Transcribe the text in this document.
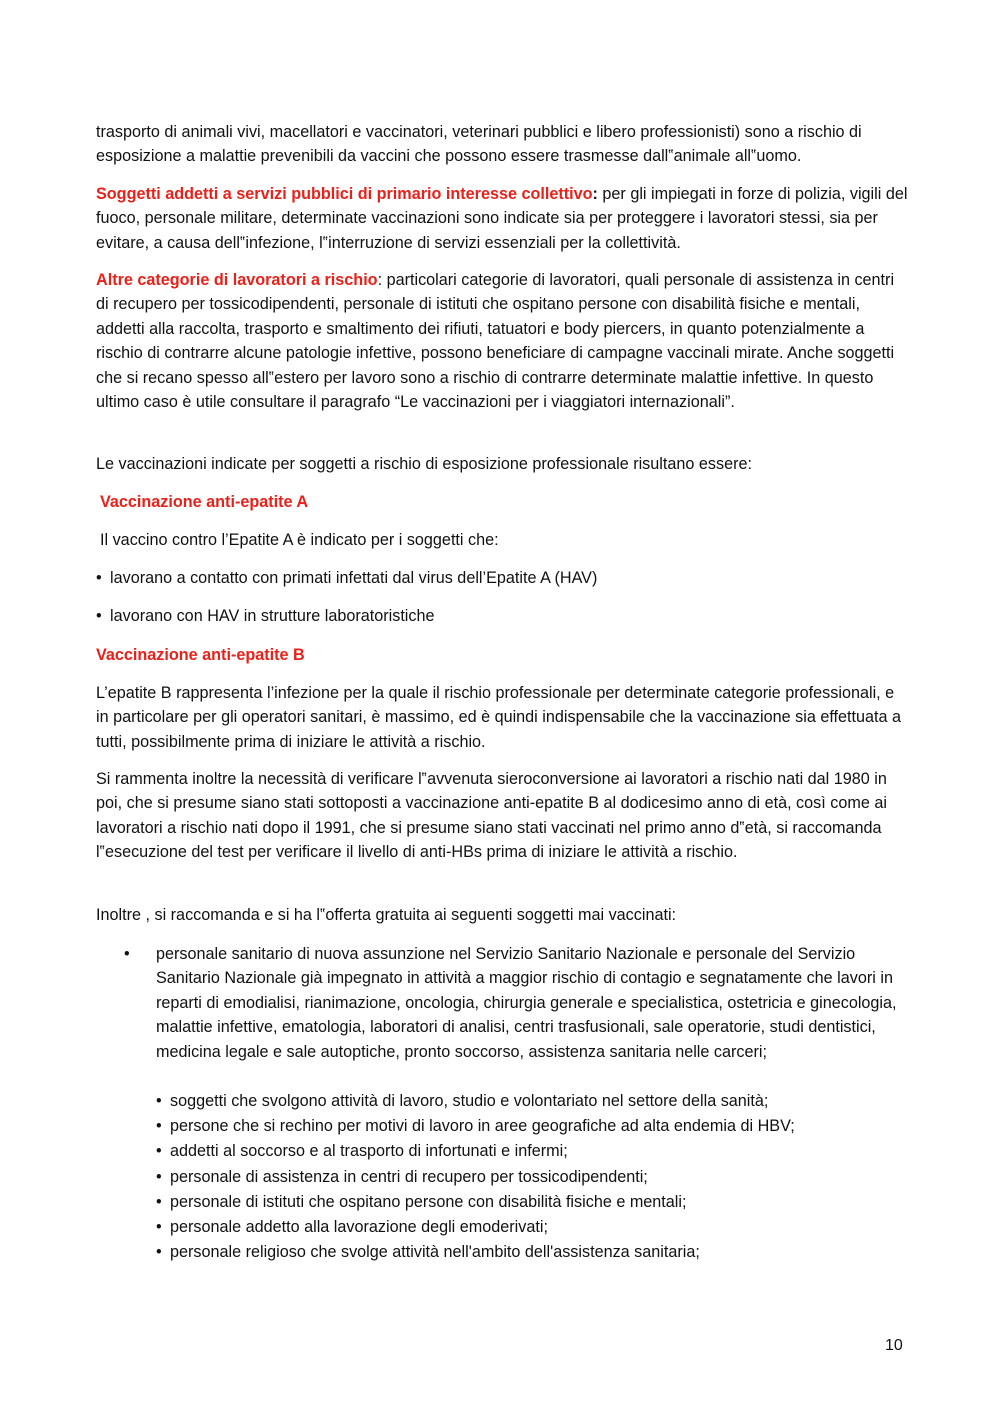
trasporto di animali vivi, macellatori e vaccinatori, veterinari pubblici e libero professionisti) sono a rischio di esposizione a malattie prevenibili da vaccini che possono essere trasmesse dall‟animale all‟uomo.

Soggetti addetti a servizi pubblici di primario interesse collettivo: per gli impiegati in forze di polizia, vigili del fuoco, personale militare, determinate vaccinazioni sono indicate sia per proteggere i lavoratori stessi, sia per evitare, a causa dell‟infezione, l‟interruzione di servizi essenziali per la collettività.

Altre categorie di lavoratori a rischio: particolari categorie di lavoratori, quali personale di assistenza in centri di recupero per tossicodipendenti, personale di istituti che ospitano persone con disabilità fisiche e mentali, addetti alla raccolta, trasporto e smaltimento dei rifiuti, tatuatori e body piercers, in quanto potenzialmente a rischio di contrarre alcune patologie infettive, possono beneficiare di campagne vaccinali mirate. Anche soggetti che si recano spesso all‟estero per lavoro sono a rischio di contrarre determinate malattie infettive. In questo ultimo caso è utile consultare il paragrafo “Le vaccinazioni per i viaggiatori internazionali”.

Le vaccinazioni indicate per soggetti a rischio di esposizione professionale risultano essere:

Vaccinazione anti-epatite A

Il vaccino contro l’Epatite A è indicato per i soggetti che:

• lavorano a contatto con primati infettati dal virus dell’Epatite A (HAV)

• lavorano con HAV in strutture laboratoristiche

Vaccinazione anti-epatite B

L’epatite B rappresenta l’infezione per la quale il rischio professionale per determinate categorie professionali, e in particolare per gli operatori sanitari, è massimo, ed è quindi indispensabile che la vaccinazione sia effettuata a tutti, possibilmente prima di iniziare le attività a rischio.

Si rammenta inoltre la necessità di verificare l‟avvenuta sieroconversione ai lavoratori a rischio nati dal 1980 in poi, che si presume siano stati sottoposti a vaccinazione anti-epatite B al dodicesimo anno di età, così come ai lavoratori a rischio nati dopo il 1991, che si presume siano stati vaccinati nel primo anno d‟età, si raccomanda l‟esecuzione del test per verificare il livello di anti-HBs prima di iniziare le attività a rischio.

Inoltre , si raccomanda e si ha l‟offerta gratuita ai seguenti soggetti mai vaccinati:

• personale sanitario di nuova assunzione nel Servizio Sanitario Nazionale e personale del Servizio Sanitario Nazionale già impegnato in attività a maggior rischio di contagio e segnatamente che lavori in reparti di emodialisi, rianimazione, oncologia, chirurgia generale e specialistica, ostetricia e ginecologia, malattie infettive, ematologia, laboratori di analisi, centri trasfusionali, sale operatorie, studi dentistici, medicina legale e sale autoptiche, pronto soccorso, assistenza sanitaria nelle carceri;
• soggetti che svolgono attività di lavoro, studio e volontariato nel settore della sanità;
• persone che si rechino per motivi di lavoro in aree geografiche ad alta endemia di HBV;
• addetti al soccorso e al trasporto di infortunati e infermi;
• personale di assistenza in centri di recupero per tossicodipendenti;
• personale di istituti che ospitano persone con disabilità fisiche e mentali;
• personale addetto alla lavorazione degli emoderivati;
• personale religioso che svolge attività nell'ambito dell'assistenza sanitaria;
10
